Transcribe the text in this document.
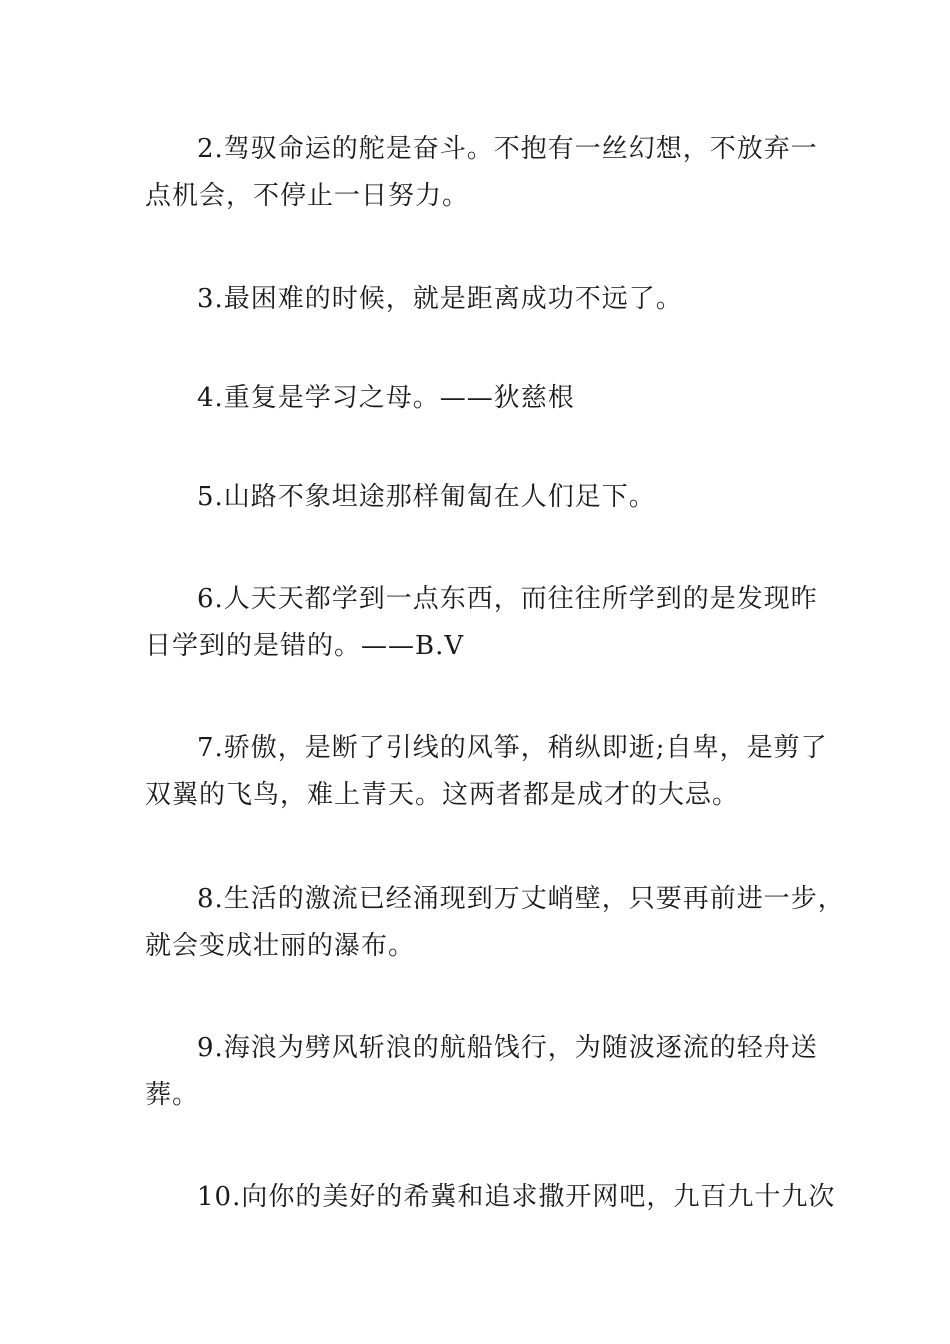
2.驾驭命运的舵是奋斗。不抱有一丝幻想，不放弃一
点机会，不停止一日努力。

3.最困难的时候，就是距离成功不远了。

4.重复是学习之母。——狄慈根

5.山路不象坦途那样匍匐在人们足下。

6.人天天都学到一点东西，而往往所学到的是发现昨
日学到的是错的。——B.V

7.骄傲，是断了引线的风筝，稍纵即逝;自卑，是剪了
双翼的飞鸟，难上青天。这两者都是成才的大忌。

8.生活的激流已经涌现到万丈峭壁，只要再前进一步，
就会变成壮丽的瀑布。

9.海浪为劈风斩浪的航船饯行，为随波逐流的轻舟送
葬。

10.向你的美好的希冀和追求撒开网吧，九百九十九次
